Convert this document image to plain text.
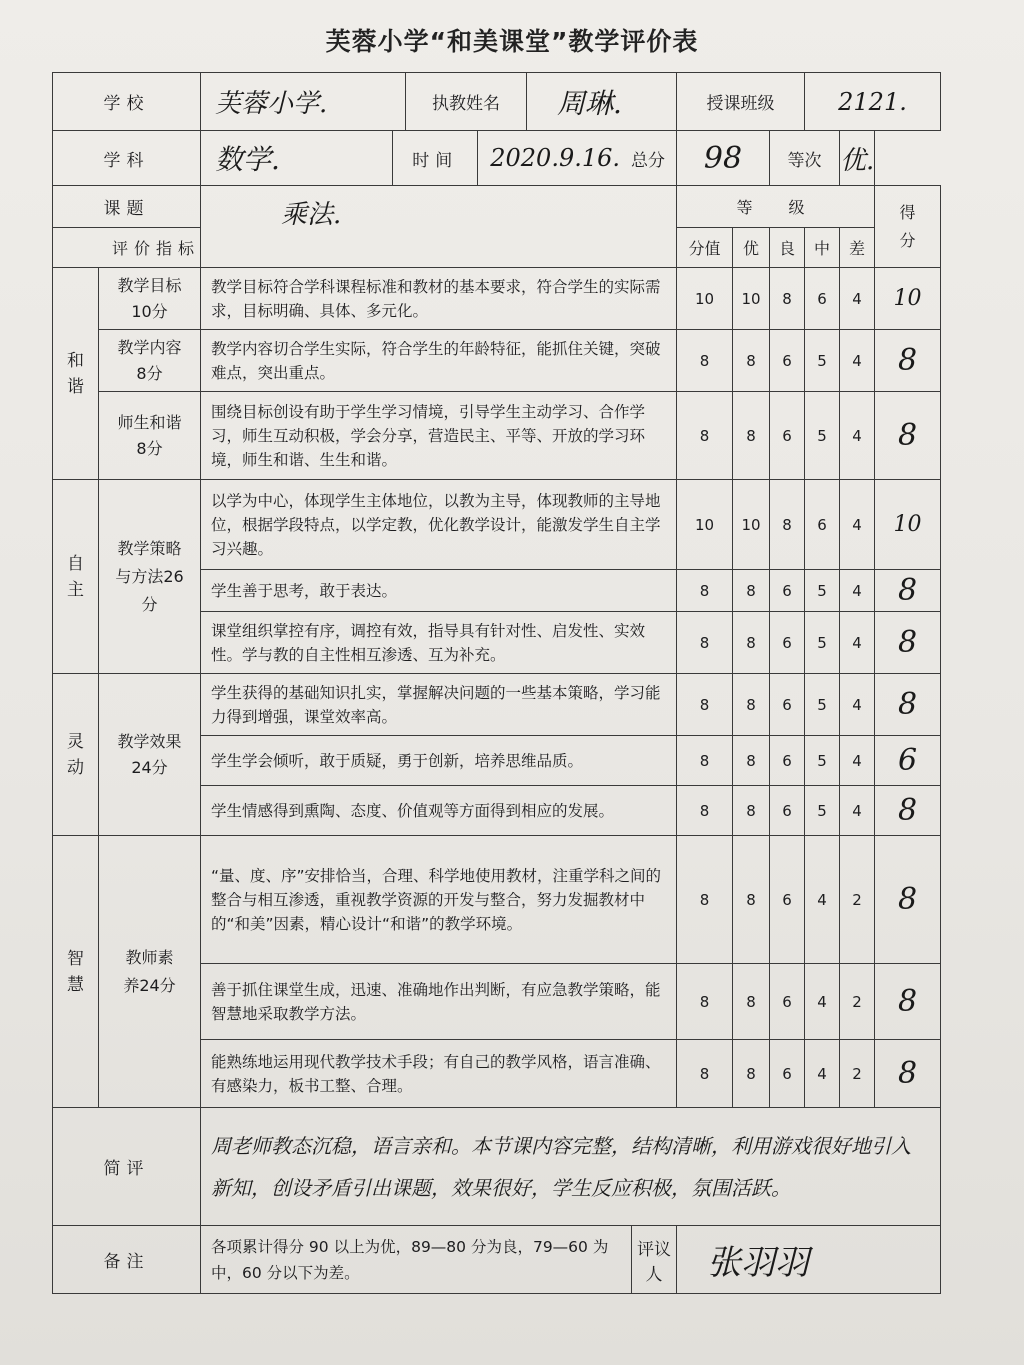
芙蓉小学“和美课堂”教学评价表
学校		芙蓉小学. 执教姓名 周琳.	授课班级			2121.		
学科		数学. 时间 2020.9.16. 总分	98		等次		优.	
课题		乘法.	等　级					得分
评价指标			分值	优	良	中	差	
和谐	教学目标10分	教学目标符合学科课程标准和教材的基本要求，符合学生的实际需求，目标明确、具体、多元化。	10	10	8	6	4	10
	教学内容8分	教学内容切合学生实际，符合学生的年龄特征，能抓住关键，突破难点，突出重点。	8	8	6	5	4	8
	师生和谐8分	围绕目标创设有助于学生学习情境，引导学生主动学习、合作学习，师生互动积极，学会分享，营造民主、平等、开放的学习环境，师生和谐、生生和谐。	8	8	6	5	4	8
自主	教学策略与方法26分	以学为中心，体现学生主体地位，以教为主导，体现教师的主导地位，根据学段特点，以学定教，优化教学设计，能激发学生自主学习兴趣。	10	10	8	6	4	10
		学生善于思考，敢于表达。	8	8	6	5	4	8
		课堂组织掌控有序，调控有效，指导具有针对性、启发性、实效性。学与教的自主性相互渗透、互为补充。	8	8	6	5	4	8
灵动	教学效果24分	学生获得的基础知识扎实，掌握解决问题的一些基本策略，学习能力得到增强，课堂效率高。	8	8	6	5	4	8
		学生学会倾听，敢于质疑，勇于创新，培养思维品质。	8	8	6	5	4	6
		学生情感得到熏陶、态度、价值观等方面得到相应的发展。	8	8	6	5	4	8
智慧	教师素养24分	“量、度、序”安排恰当，合理、科学地使用教材，注重学科之间的整合与相互渗透，重视教学资源的开发与整合，努力发掘教材中的“和美”因素，精心设计“和谐”的教学环境。	8	8	6	4	2	8
		善于抓住课堂生成，迅速、准确地作出判断，有应急教学策略，能智慧地采取教学方法。	8	8	6	4	2	8
		能熟练地运用现代教学技术手段；有自己的教学风格，语言准确、有感染力，板书工整、合理。	8	8	6	4	2	8
简评		周老师教态沉稳，语言亲和。本节课内容完整，结构清晰，利用游戏很好地引入新知，创设矛盾引出课题，效果很好，学生反应积极，氛围活跃。						
备注		各项累计得分 90 以上为优，89—80 分为良，79—60 为中，60 分以下为差。
评议人	张羽羽					
